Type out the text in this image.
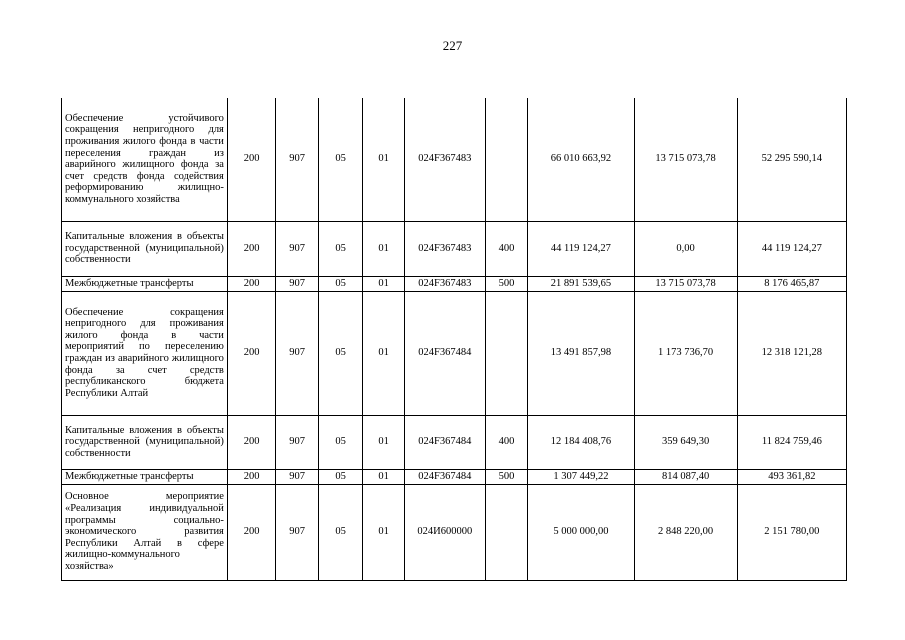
227
Обеспечение устойчивого сокращения непригодного для проживания жилого фонда в части переселения граждан из аварийного жилищного фонда за счет средств фонда содействия реформированию жилищно-коммунального хозяйства	200	907	05	01	024F367483		66 010 663,92	13 715 073,78	52 295 590,14
Капитальные вложения в объекты государственной (муниципальной) собственности	200	907	05	01	024F367483	400	44 119 124,27	0,00	44 119 124,27
Межбюджетные трансферты	200	907	05	01	024F367483	500	21 891 539,65	13 715 073,78	8 176 465,87
Обеспечение сокращения непригодного для проживания жилого фонда в части мероприятий по переселению граждан из аварийного жилищного фонда за счет средств республиканского бюджета Республики Алтай	200	907	05	01	024F367484		13 491 857,98	1 173 736,70	12 318 121,28
Капитальные вложения в объекты государственной (муниципальной) собственности	200	907	05	01	024F367484	400	12 184 408,76	359 649,30	11 824 759,46
Межбюджетные трансферты	200	907	05	01	024F367484	500	1 307 449,22	814 087,40	493 361,82
Основное мероприятие «Реализация индивидуальной программы социально-экономического развития Республики Алтай в сфере жилищно-коммунального хозяйства»	200	907	05	01	024И600000		5 000 000,00	2 848 220,00	2 151 780,00
